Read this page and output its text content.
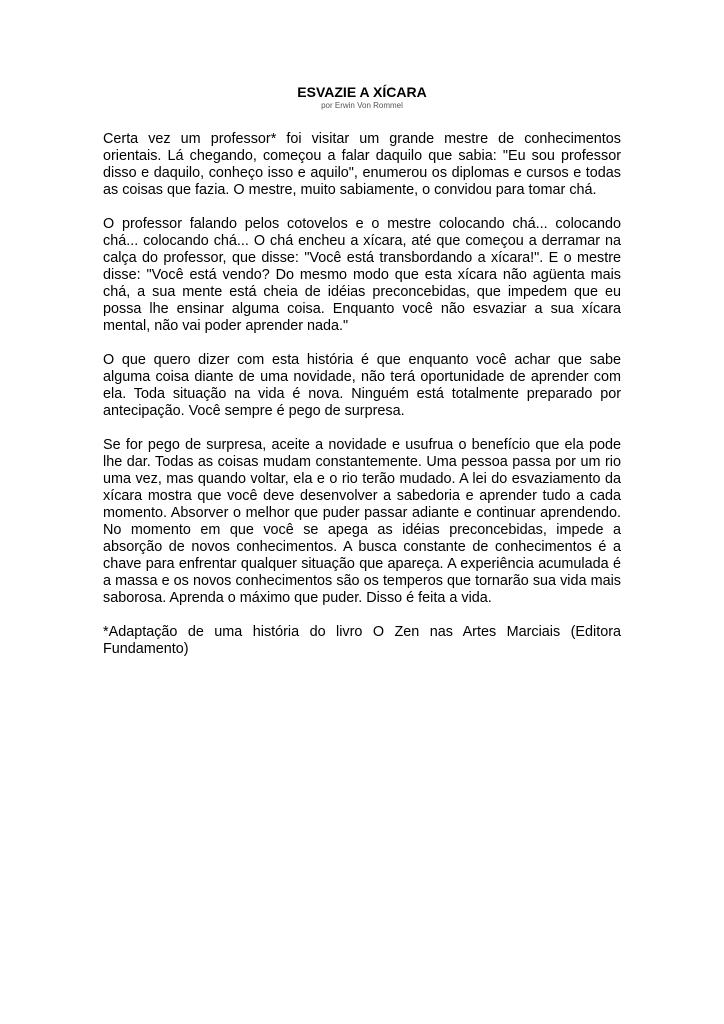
ESVAZIE A XÍCARA

por Erwin Von Rommel

Certa vez um professor* foi visitar um grande mestre de conhecimentos orientais. Lá chegando, começou a falar daquilo que sabia: "Eu sou professor disso e daquilo, conheço isso e aquilo", enumerou os diplomas e cursos e todas as coisas que fazia. O mestre, muito sabiamente, o convidou para tomar chá.

O professor falando pelos cotovelos e o mestre colocando chá... colocando chá... colocando chá... O chá encheu a xícara, até que começou a derramar na calça do professor, que disse: "Você está transbordando a xícara!". E o mestre disse: "Você está vendo? Do mesmo modo que esta xícara não agüenta mais chá, a sua mente está cheia de idéias preconcebidas, que impedem que eu possa lhe ensinar alguma coisa. Enquanto você não esvaziar a sua xícara mental, não vai poder aprender nada."

O que quero dizer com esta história é que enquanto você achar que sabe alguma coisa diante de uma novidade, não terá oportunidade de aprender com ela. Toda situação na vida é nova. Ninguém está totalmente preparado por antecipação. Você sempre é pego de surpresa.

Se for pego de surpresa, aceite a novidade e usufrua o benefício que ela pode lhe dar. Todas as coisas mudam constantemente. Uma pessoa passa por um rio uma vez, mas quando voltar, ela e o rio terão mudado. A lei do esvaziamento da xícara mostra que você deve desenvolver a sabedoria e aprender tudo a cada momento. Absorver o melhor que puder passar adiante e continuar aprendendo. No momento em que você se apega as idéias preconcebidas, impede a absorção de novos conhecimentos. A busca constante de conhecimentos é a chave para enfrentar qualquer situação que apareça. A experiência acumulada é a massa e os novos conhecimentos são os temperos que tornarão sua vida mais saborosa. Aprenda o máximo que puder. Disso é feita a vida.

*Adaptação de uma história do livro O Zen nas Artes Marciais (Editora Fundamento)
